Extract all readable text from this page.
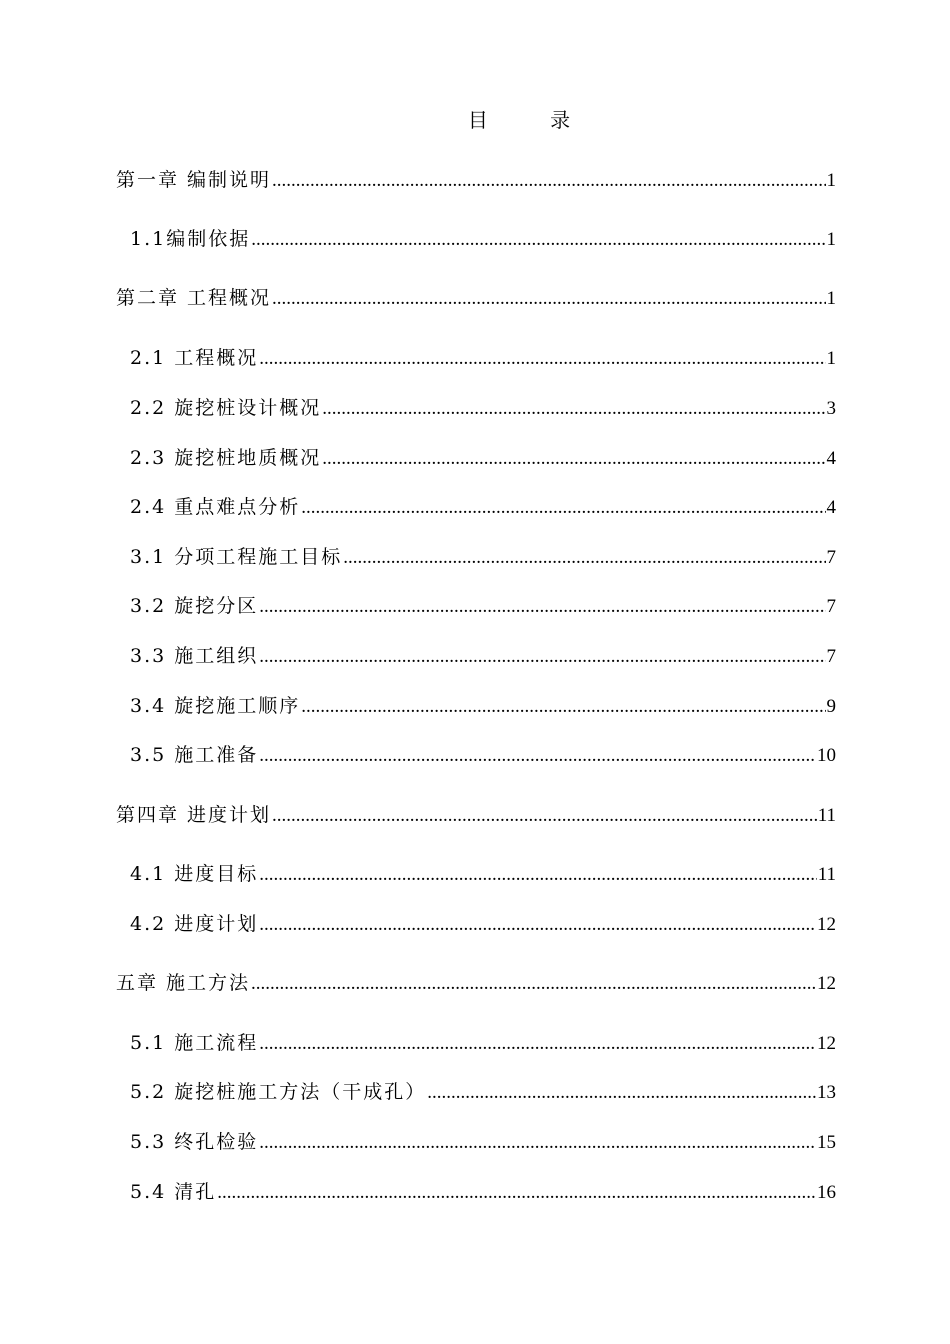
目 录
第一章 编制说明 .....	1
1.1编制依据 .....	1
第二章 工程概况 .....	1
2.1 工程概况 .....	1
2.2 旋挖桩设计概况 .....	3
2.3 旋挖桩地质概况 .....	4
2.4 重点难点分析 .....	4
3.1 分项工程施工目标 .....	7
3.2 旋挖分区 .....	7
3.3 施工组织 .....	7
3.4 旋挖施工顺序 .....	9
3.5 施工准备 .....	10
第四章 进度计划 .....	11
4.1 进度目标 .....	11
4.2 进度计划 .....	12
五章 施工方法 .....	12
5.1 施工流程 .....	12
5.2 旋挖桩施工方法（干成孔） .....	13
5.3 终孔检验 .....	15
5.4 清孔 .....	16
